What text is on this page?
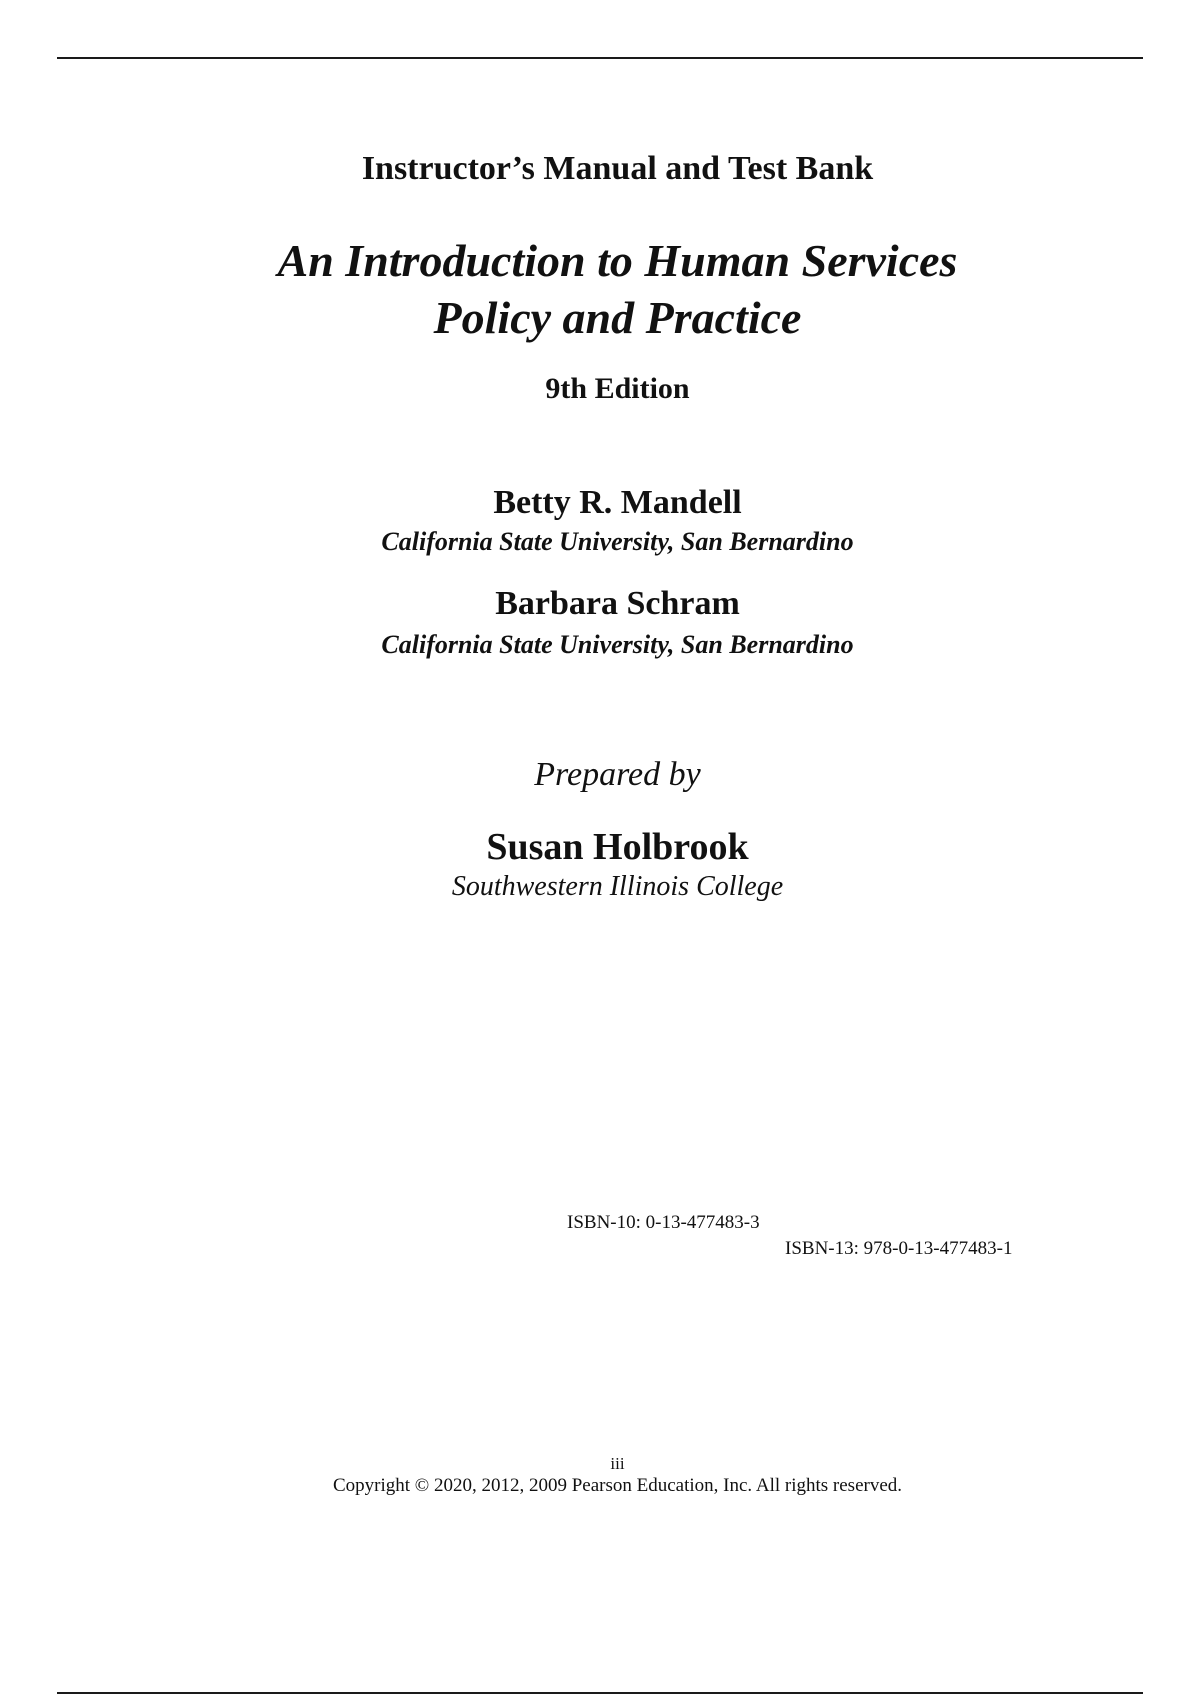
Instructor’s Manual and Test Bank
An Introduction to Human Services
Policy and Practice
9th Edition
Betty R. Mandell
California State University, San Bernardino
Barbara Schram
California State University, San Bernardino
Prepared by
Susan Holbrook
Southwestern Illinois College
ISBN-10: 0-13-477483-3
ISBN-13: 978-0-13-477483-1
iii
Copyright © 2020, 2012, 2009 Pearson Education, Inc. All rights reserved.
